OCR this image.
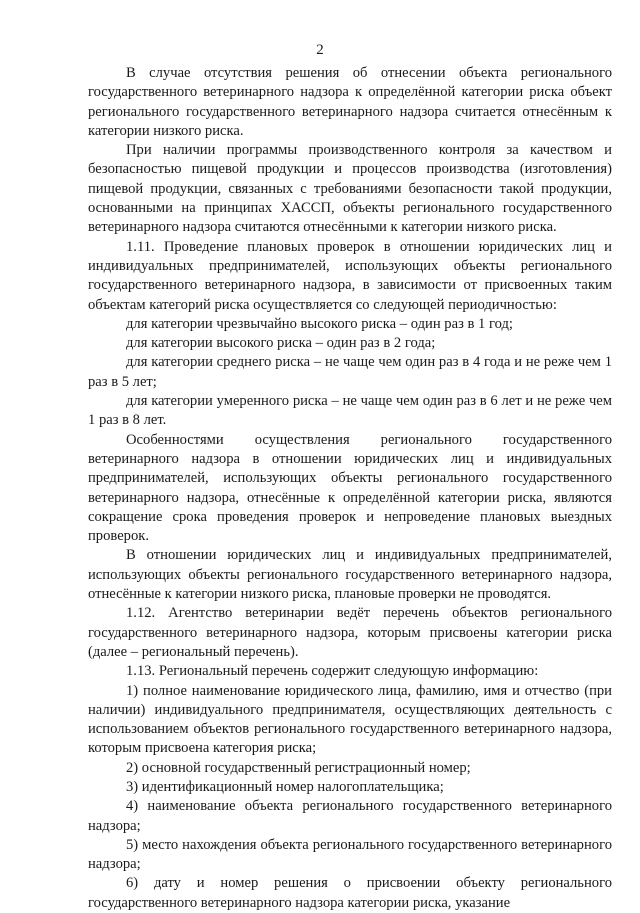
2

В случае отсутствия решения об отнесении объекта регионального государственного ветеринарного надзора к определённой категории риска объект регионального государственного ветеринарного надзора считается отнесённым к категории низкого риска.

При наличии программы производственного контроля за качеством и безопасностью пищевой продукции и процессов производства (изготовления) пищевой продукции, связанных с требованиями безопасности такой продукции, основанными на принципах ХАССП, объекты регионального государственного ветеринарного надзора считаются отнесёнными к категории низкого риска.

1.11. Проведение плановых проверок в отношении юридических лиц и индивидуальных предпринимателей, использующих объекты регионального государственного ветеринарного надзора, в зависимости от присвоенных таким объектам категорий риска осуществляется со следующей периодичностью:

для категории чрезвычайно высокого риска – один раз в 1 год;

для категории высокого риска – один раз в 2 года;

для категории среднего риска – не чаще чем один раз в 4 года и не реже чем 1 раз в 5 лет;

для категории умеренного риска – не чаще чем один раз в 6 лет и не реже чем 1 раз в 8 лет.

Особенностями осуществления регионального государственного ветеринарного надзора в отношении юридических лиц и индивидуальных предпринимателей, использующих объекты регионального государственного ветеринарного надзора, отнесённые к определённой категории риска, являются сокращение срока проведения проверок и непроведение плановых выездных проверок.

В отношении юридических лиц и индивидуальных предпринимателей, использующих объекты регионального государственного ветеринарного надзора, отнесённые к категории низкого риска, плановые проверки не проводятся.

1.12. Агентство ветеринарии ведёт перечень объектов регионального государственного ветеринарного надзора, которым присвоены категории риска (далее – региональный перечень).

1.13. Региональный перечень содержит следующую информацию:

1) полное наименование юридического лица, фамилию, имя и отчество (при наличии) индивидуального предпринимателя, осуществляющих деятельность с использованием объектов регионального государственного ветеринарного надзора, которым присвоена категория риска;

2) основной государственный регистрационный номер;

3) идентификационный номер налогоплательщика;

4) наименование объекта регионального государственного ветеринарного надзора;

5) место нахождения объекта регионального государственного ветеринарного надзора;

6) дату и номер решения о присвоении объекту регионального государственного ветеринарного надзора категории риска, указание
